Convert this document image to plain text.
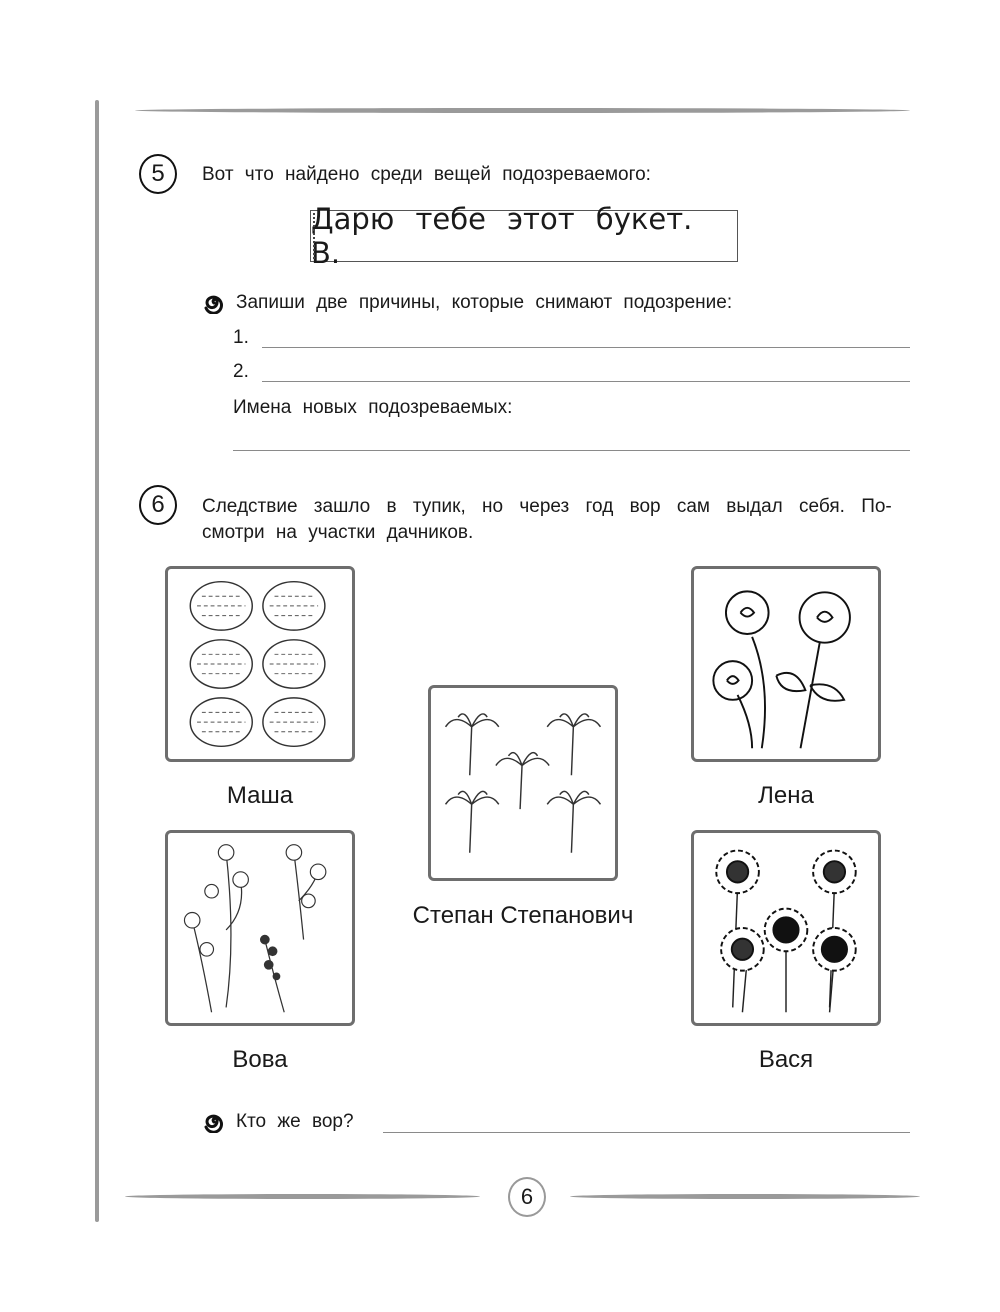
5	Вот что найдено среди вещей подозреваемого:
Дарю тебе этот букет. В.
Запиши две причины, которые снимают подозрение:
1.
2.
Имена новых подозреваемых:
6	Следствие зашло в тупик, но через год вор сам выдал себя. По-
смотри на участки дачников.
Маша
Вова
Степан Степанович
Лена
Вася
Кто же вор?
6
